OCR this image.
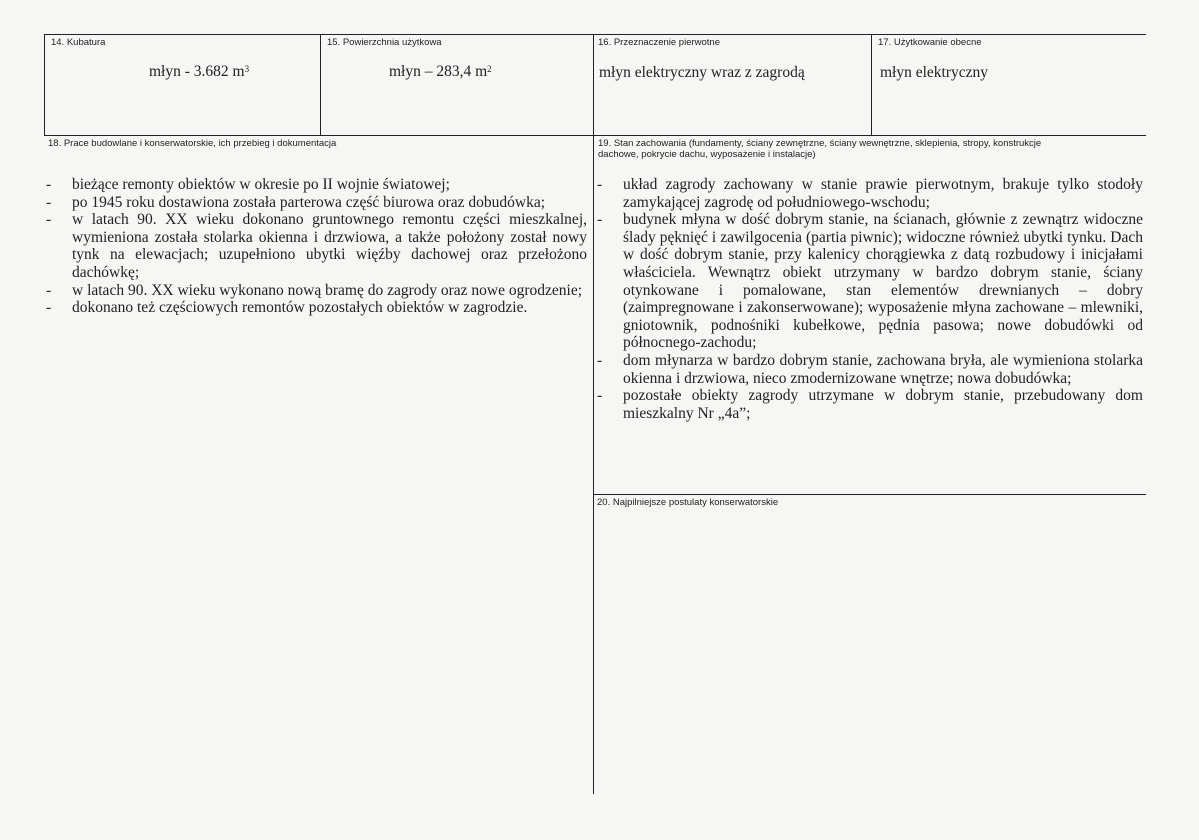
14. Kubatura
młyn - 3.682 $m^3$
15. Powierzchnia użytkowa
młyn – 283,4 $m^2$
16. Przeznaczenie pierwotne
młyn elektryczny wraz z zagrodą
17. Użytkowanie obecne
młyn elektryczny
18. Prace budowlane i konserwatorskie, ich przebieg i dokumentacja
- bieżące remonty obiektów w okresie po II wojnie światowej;
- po 1945 roku dostawiona została parterowa część biurowa oraz dobudówka;
- w latach 90. XX wieku dokonano gruntownego remontu części mieszkalnej, wymieniona została stolarka okienna i drzwiowa, a także położony został nowy tynk na elewacjach; uzupełniono ubytki więźby dachowej oraz przełożono dachówkę;
- w latach 90. XX wieku wykonano nową bramę do zagrody oraz nowe ogrodzenie;
- dokonano też częściowych remontów pozostałych obiektów w zagrodzie.
19. Stan zachowania (fundamenty, ściany zewnętrzne, ściany wewnętrzne, sklepienia, stropy, konstrukcje dachowe, pokrycie dachu, wyposażenie i instalacje)
- układ zagrody zachowany w stanie prawie pierwotnym, brakuje tylko stodoły zamykającej zagrodę od południowego-wschodu;
- budynek młyna w dość dobrym stanie, na ścianach, głównie z zewnątrz widoczne ślady pęknięć i zawilgocenia (partia piwnic); widoczne również ubytki tynku. Dach w dość dobrym stanie, przy kalenicy chorągiewka z datą rozbudowy i inicjałami właściciela. Wewnątrz obiekt utrzymany w bardzo dobrym stanie, ściany otynkowane i pomalowane, stan elementów drewnianych – dobry (zaimpregnowane i zakonserwowane); wyposażenie młyna zachowane – mlewniki, gniotownik, podnośniki kubełkowe, pędnia pasowa; nowe dobudówki od północnego-zachodu;
- dom młynarza w bardzo dobrym stanie, zachowana bryła, ale wymieniona stolarka okienna i drzwiowa, nieco zmodernizowane wnętrze; nowa dobudówka;
- pozostałe obiekty zagrody utrzymane w dobrym stanie, przebudowany dom mieszkalny Nr „4a”;
20. Najpilniejsze postulaty konserwatorskie
